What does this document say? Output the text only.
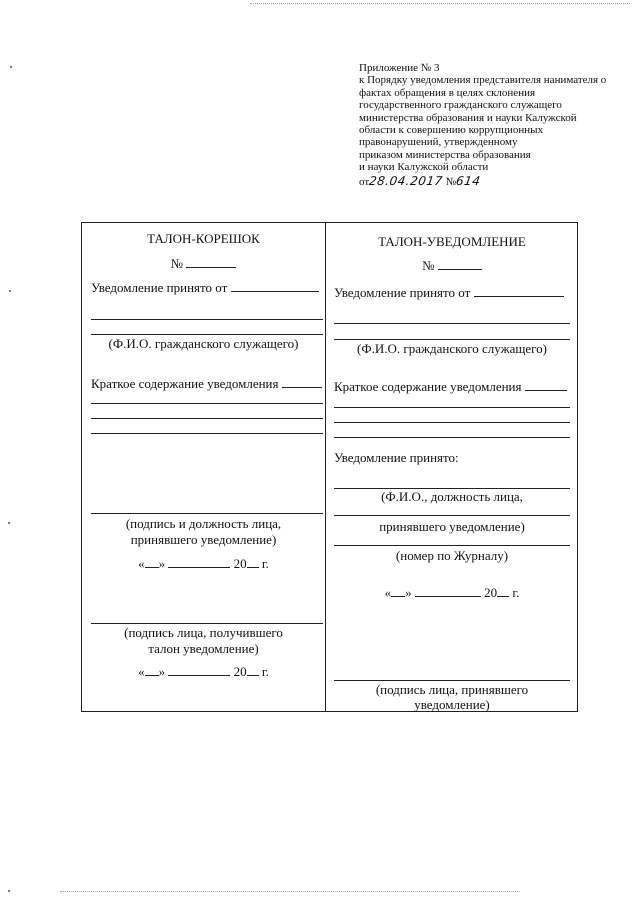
Приложение № 3
к Порядку уведомления представителя нанимателя о
фактах обращения в целях склонения
государственного гражданского служащего
министерства образования и науки Калужской
области к совершению коррупционных
правонарушений, утвержденному
приказом министерства образования
и науки Калужской области
от28.04.2017 №614
ТАЛОН-КОРЕШОК
№
Уведомление принято от
(Ф.И.О. гражданского служащего)
Краткое содержание уведомления
(подпись и должность лица,
принявшего уведомление)
« »	20 г.
(подпись лица, получившего
талон уведомление)
« »	20 г.
ТАЛОН-УВЕДОМЛЕНИЕ
№
Уведомление принято от
(Ф.И.О. гражданского служащего)
Краткое содержание уведомления
Уведомление принято:
(Ф.И.О., должность лица,
принявшего уведомление)
(номер по Журналу)
« »	20 г.
(подпись лица, принявшего
уведомление)
